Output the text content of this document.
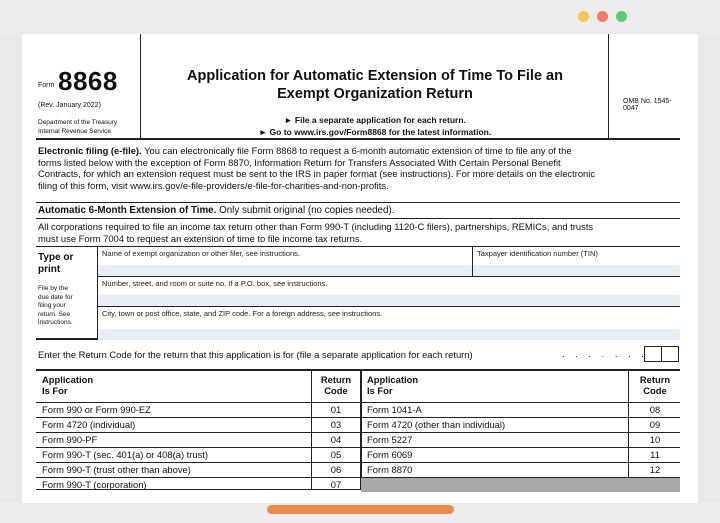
Form 8868
(Rev. January 2022)
Department of the Treasury
Internal Revenue Service
Application for Automatic Extension of Time To File an
Exempt Organization Return
► File a separate application for each return.
► Go to www.irs.gov/Form8868 for the latest information.
OMB No. 1545-0047
Electronic filing (e-file). You can electronically file Form 8868 to request a 6-month automatic extension of time to file any of the
forms listed below with the exception of Form 8870, Information Return for Transfers Associated With Certain Personal Benefit
Contracts, for which an extension request must be sent to the IRS in paper format (see instructions). For more details on the electronic
filing of this form, visit www.irs.gov/e-file-providers/e-file-for-charities-and-non-profits.
Automatic 6-Month Extension of Time. Only submit original (no copies needed).
All corporations required to file an income tax return other than Form 990-T (including 1120-C filers), partnerships, REMICs, and trusts
must use Form 7004 to request an extension of time to file income tax returns.
Type or
print
File by the
due date for
filing your
return. See
instructions.
Name of exempt organization or other filer, see instructions.	Taxpayer identification number (TIN)
Number, street, and room or suite no. If a P.O. box, see instructions.
City, town or post office, state, and ZIP code. For a foreign address, see instructions.
Enter the Return Code for the return that this application is for (file a separate application for each return)	. . . . . . .
Application
Is For
Return
Code
Application
Is For
Return
Code
Form 990 or Form 990-EZ	01
Form 4720 (individual)	03
Form 990-PF	04
Form 990-T (sec. 401(a) or 408(a) trust)	05
Form 990-T (trust other than above)	06
Form 990-T (corporation)	07
Form 1041-A	08
Form 4720 (other than individual)	09
Form 5227	10
Form 6069	11
Form 8870	12
